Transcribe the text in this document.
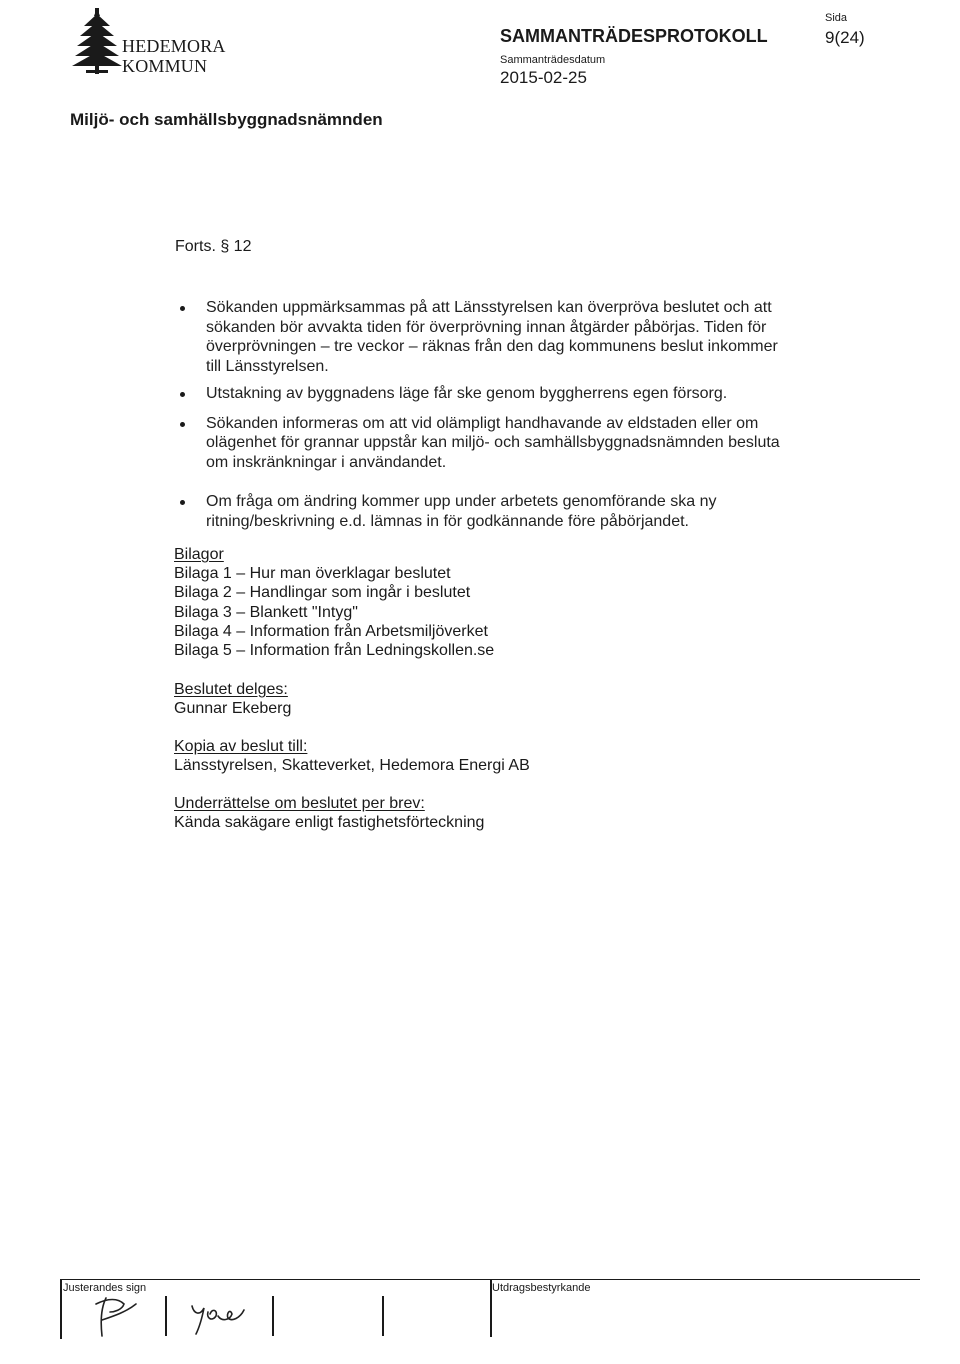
HEDEMORA
KOMMUN
SAMMANTRÄDESPROTOKOLL
Sammanträdesdatum
2015-02-25
Sida
9(24)
Miljö- och samhällsbyggnadsnämnden
Forts. § 12
Sökanden uppmärksammas på att Länsstyrelsen kan överpröva beslutet och att sökanden bör avvakta tiden för överprövning innan åtgärder påbörjas. Tiden för överprövningen – tre veckor – räknas från den dag kommunens beslut inkommer till Länsstyrelsen.
Utstakning av byggnadens läge får ske genom byggherrens egen försorg.
Sökanden informeras om att vid olämpligt handhavande av eldstaden eller om olägenhet för grannar uppstår kan miljö- och samhällsbyggnadsnämnden besluta om inskränkningar i användandet.
Om fråga om ändring kommer upp under arbetets genomförande ska ny ritning/beskrivning e.d. lämnas in för godkännande före påbörjandet.
Bilagor
Bilaga 1 – Hur man överklagar beslutet
Bilaga 2 – Handlingar som ingår i beslutet
Bilaga 3 – Blankett "Intyg"
Bilaga 4 – Information från Arbetsmiljöverket
Bilaga 5 – Information från Ledningskollen.se
Beslutet delges:
Gunnar Ekeberg
Kopia av beslut till:
Länsstyrelsen, Skatteverket, Hedemora Energi AB
Underrättelse om beslutet per brev:
Kända sakägare enligt fastighetsförteckning
Justerandes sign	Utdragsbestyrkande
